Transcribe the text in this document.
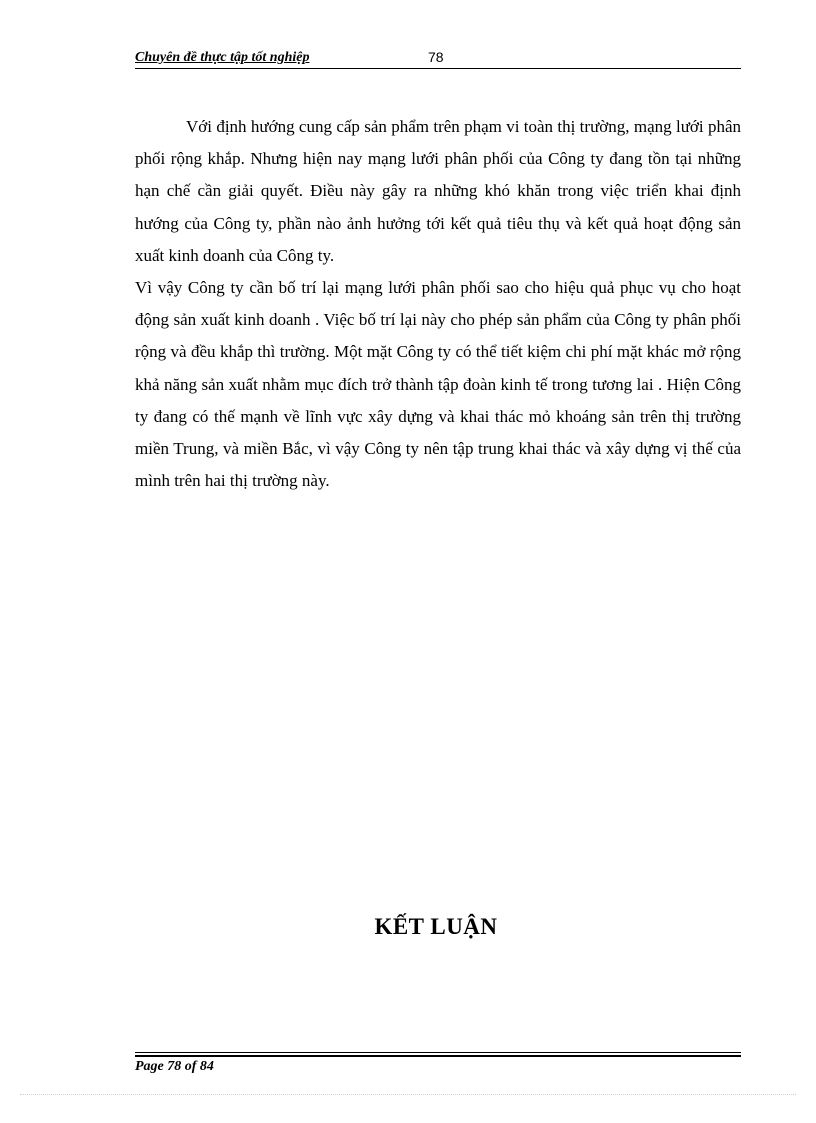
Chuyên đề thực tập tốt nghiệp	78

Với định hướng cung cấp sản phẩm trên phạm vi toàn thị trường, mạng lưới phân phối rộng khắp. Nhưng hiện nay mạng lưới phân phối của Công ty đang tồn tại những hạn chế cần giải quyết. Điều này gây ra những khó khăn trong việc triển khai định hướng của Công ty, phần nào ảnh hưởng tới kết quả tiêu thụ và kết quả hoạt động sản xuất kinh doanh của Công ty.

Vì vậy Công ty cần bố trí lại mạng lưới phân phối sao cho hiệu quả phục vụ cho hoạt động sản xuất kinh doanh . Việc bố trí lại này cho phép sản phẩm của Công ty phân phối rộng và đều khắp thì trường. Một mặt Công ty có thể tiết kiệm chi phí mặt khác mở rộng khả năng sản xuất nhằm mục đích trở thành tập đoàn kinh tế trong tương lai . Hiện Công ty đang có thế mạnh về lĩnh vực xây dựng và khai thác mỏ khoáng sản trên thị trường miền Trung, và miền Bắc, vì vậy Công ty nên tập trung khai thác và xây dựng vị thế của mình trên hai thị trường này.

KẾT LUẬN
Page 78 of 84
